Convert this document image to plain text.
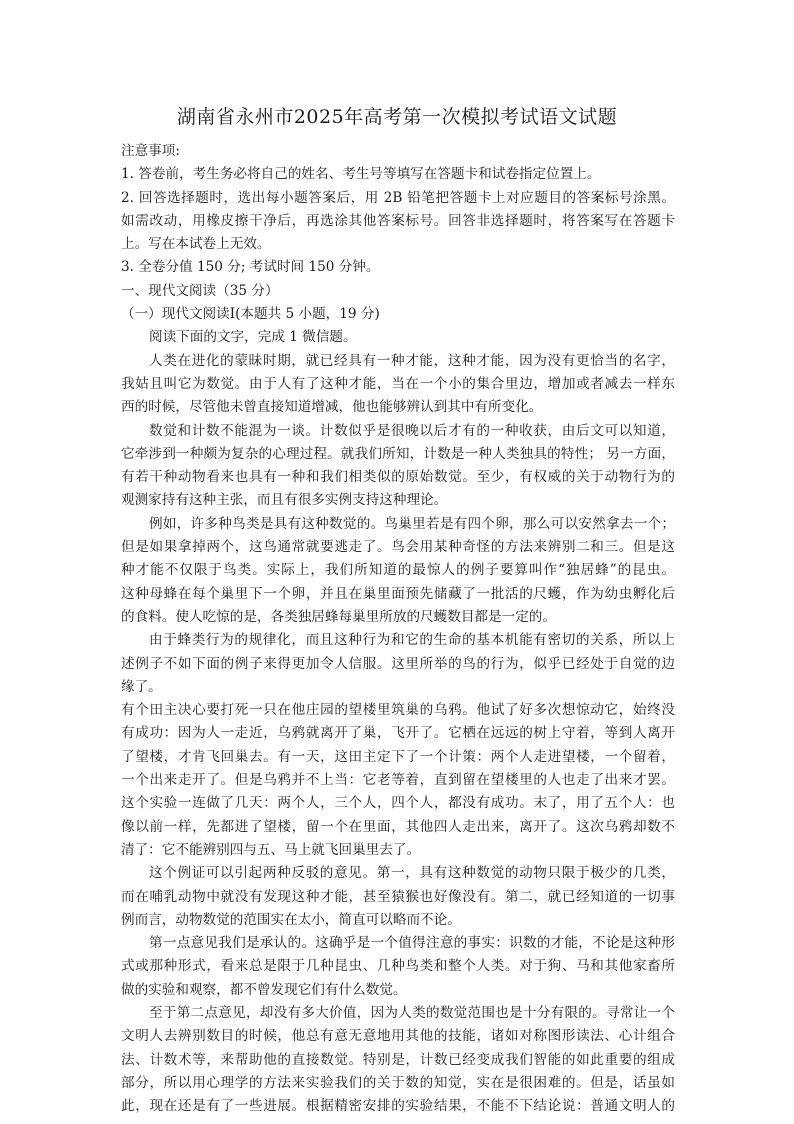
湖南省永州市2025年高考第一次模拟考试语文试题
注意事项:
1. 答卷前，考生务必将自己的姓名、考生号等填写在答题卡和试卷指定位置上。
2. 回答选择题时，选出每小题答案后，用 2B 铅笔把答题卡上对应题目的答案标号涂黑。
如需改动，用橡皮擦干净后，再选涂其他答案标号。回答非选择题时，将答案写在答题卡
上。写在本试卷上无效。
3. 全卷分值 150 分; 考试时间 150 分钟。
一、现代文阅读（35 分）
（一）现代文阅读Ⅰ(本题共 5 小题，19 分)
阅读下面的文字，完成 1 微信题。
人类在进化的蒙昧时期，就已经具有一种才能，这种才能，因为没有更恰当的名字，
我姑且叫它为数觉。由于人有了这种才能，当在一个小的集合里边，增加或者减去一样东
西的时候，尽管他未曾直接知道增减，他也能够辨认到其中有所变化。
数觉和计数不能混为一谈。计数似乎是很晚以后才有的一种收获，由后文可以知道，
它牵涉到一种颇为复杂的心理过程。就我们所知，计数是一种人类独具的特性； 另一方面，
有若干种动物看来也具有一种和我们相类似的原始数觉。至少，有权威的关于动物行为的
观测家持有这种主张，而且有很多实例支持这种理论。
例如，许多种鸟类是具有这种数觉的。鸟巢里若是有四个卵，那么可以安然拿去一个；
但是如果拿掉两个，这鸟通常就要逃走了。鸟会用某种奇怪的方法来辨别二和三。但是这
种才能不仅限于鸟类。实际上，我们所知道的最惊人的例子要算叫作“独居蜂”的昆虫。
这种母蜂在每个巢里下一个卵，并且在巢里面预先储藏了一批活的尺蠖，作为幼虫孵化后
的食料。使人吃惊的是，各类独居蜂每巢里所放的尺蠖数目都是一定的。
由于蜂类行为的规律化，而且这种行为和它的生命的基本机能有密切的关系，所以上
述例子不如下面的例子来得更加令人信服。这里所举的鸟的行为，似乎已经处于自觉的边
缘了。
有个田主决心要打死一只在他庄园的望楼里筑巢的乌鸦。他试了好多次想惊动它，始终没
有成功：因为人一走近，乌鸦就离开了巢，飞开了。它栖在远远的树上守着，等到人离开
了望楼，才肯飞回巢去。有一天，这田主定下了一个计策：两个人走进望楼，一个留着，
一个出来走开了。但是乌鸦并不上当：它老等着，直到留在望楼里的人也走了出来才罢。
这个实验一连做了几天：两个人，三个人，四个人，都没有成功。末了，用了五个人：也
像以前一样，先都进了望楼，留一个在里面，其他四人走出来，离开了。这次乌鸦却数不
清了：它不能辨别四与五、马上就飞回巢里去了。
这个例证可以引起两种反驳的意见。第一，具有这种数觉的动物只限于极少的几类，
而在哺乳动物中就没有发现这种才能，甚至猿猴也好像没有。第二，就已经知道的一切事
例而言，动物数觉的范围实在太小，简直可以略而不论。
第一点意见我们是承认的。这确乎是一个值得注意的事实：识数的才能，不论是这种形
式或那种形式，看来总是限于几种昆虫、几种鸟类和整个人类。对于狗、马和其他家畜所
做的实验和观察，都不曾发现它们有什么数觉。
至于第二点意见，却没有多大价值，因为人类的数觉范围也是十分有限的。寻常让一个
文明人去辨别数目的时候，他总有意无意地用其他的技能，诸如对称图形读法、心计组合
法、计数术等，来帮助他的直接数觉。特别是，计数已经变成我们智能的如此重要的组成
部分，所以用心理学的方法来实验我们的关于数的知觉，实在是很困难的。但是，话虽如
此，现在还是有了一些进展。根据精密安排的实验结果，不能不下结论说：普通文明人的
